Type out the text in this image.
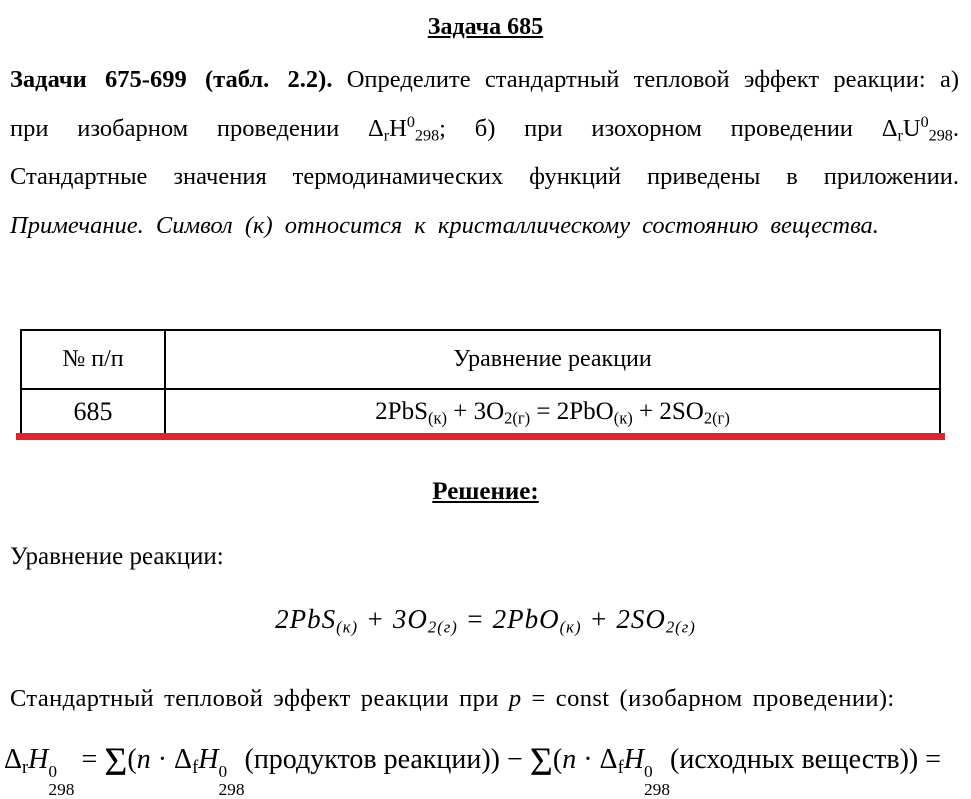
Задача 685
Задачи 675-699 (табл. 2.2). Определите стандартный тепловой эффект реакции: а) при изобарном проведении $\Delta_rH^0_{298}$; б) при изохорном проведении $\Delta_rU^0_{298}$. Стандартные значения термодинамических функций приведены в приложении. Примечание. Символ (к) относится к кристаллическому состоянию вещества.
№ п/п	Уравнение реакции
685	$2PbS_{(к)} + 3O_{2(г)} = 2PbO_{(к)} + 2SO_{2(г)}$
Решение:
Уравнение реакции:
$2PbS_{(к)} + 3O_{2(г)} = 2PbO_{(к)} + 2SO_{2(г)}$
Стандартный тепловой эффект реакции при p = const (изобарном проведении):
$\Delta_rH$ 0
298
= $\Sigma(n \cdot \Delta_fH$ 0
298
(продуктов реакции)) − $\Sigma(n \cdot \Delta_fH$ 0
298
(исходных веществ)) =
